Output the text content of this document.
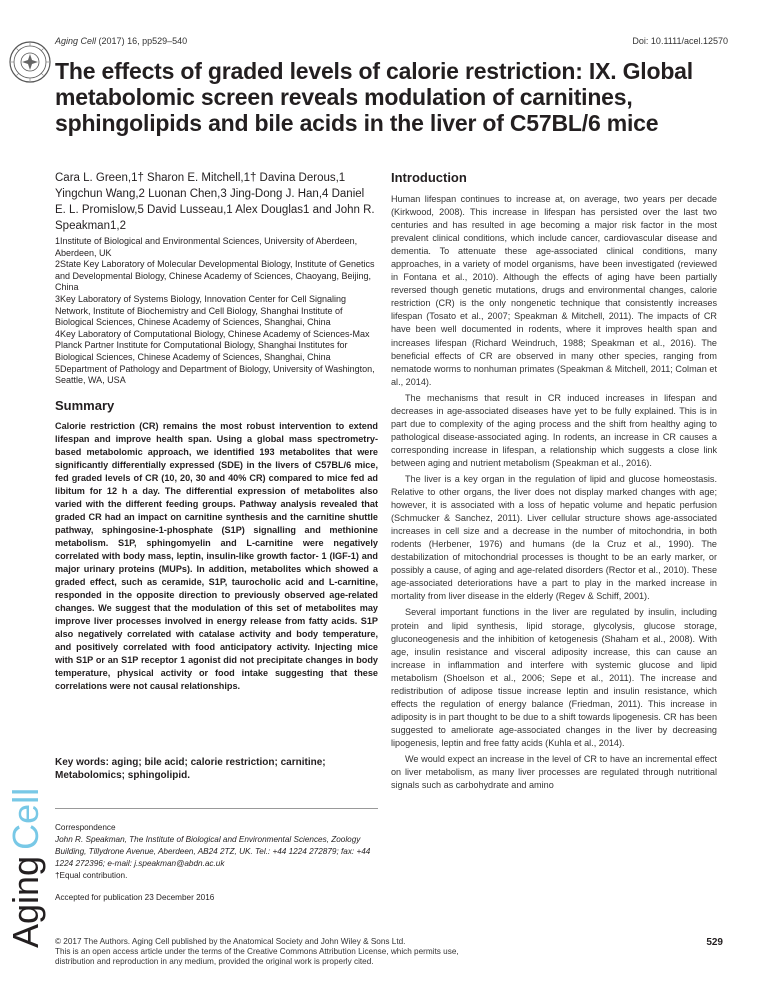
Aging Cell (2017) 16, pp529–540	Doi: 10.1111/acel.12570
AgingCell
The effects of graded levels of calorie restriction: IX. Global metabolomic screen reveals modulation of carnitines, sphingolipids and bile acids in the liver of C57BL/6 mice
Cara L. Green,1† Sharon E. Mitchell,1† Davina Derous,1 Yingchun Wang,2 Luonan Chen,3 Jing-Dong J. Han,4 Daniel E. L. Promislow,5 David Lusseau,1 Alex Douglas1 and John R. Speakman1,2

1Institute of Biological and Environmental Sciences, University of Aberdeen, Aberdeen, UK

2State Key Laboratory of Molecular Developmental Biology, Institute of Genetics and Developmental Biology, Chinese Academy of Sciences, Chaoyang, Beijing, China

3Key Laboratory of Systems Biology, Innovation Center for Cell Signaling Network, Institute of Biochemistry and Cell Biology, Shanghai Institute of Biological Sciences, Chinese Academy of Sciences, Shanghai, China

4Key Laboratory of Computational Biology, Chinese Academy of Sciences-Max Planck Partner Institute for Computational Biology, Shanghai Institutes for Biological Sciences, Chinese Academy of Sciences, Shanghai, China

5Department of Pathology and Department of Biology, University of Washington, Seattle, WA, USA

Summary

Calorie restriction (CR) remains the most robust intervention to extend lifespan and improve health span. Using a global mass spectrometry-based metabolomic approach, we identified 193 metabolites that were significantly differentially expressed (SDE) in the livers of C57BL/6 mice, fed graded levels of CR (10, 20, 30 and 40% CR) compared to mice fed ad libitum for 12 h a day. The differential expression of metabolites also varied with the different feeding groups. Pathway analysis revealed that graded CR had an impact on carnitine synthesis and the carnitine shuttle pathway, sphingosine-1-phosphate (S1P) signalling and methionine metabolism. S1P, sphingomyelin and L-carnitine were negatively correlated with body mass, leptin, insulin-like growth factor- 1 (IGF-1) and major urinary proteins (MUPs). In addition, metabolites which showed a graded effect, such as ceramide, S1P, taurocholic acid and L-carnitine, responded in the opposite direction to previously observed age-related changes. We suggest that the modulation of this set of metabolites may improve liver processes involved in energy release from fatty acids. S1P also negatively correlated with catalase activity and body temperature, and positively correlated with food anticipatory activity. Injecting mice with S1P or an S1P receptor 1 agonist did not precipitate changes in body temperature, physical activity or food intake suggesting that these correlations were not causal relationships.

Key words: aging; bile acid; calorie restriction; carnitine; Metabolomics; sphingolipid.

Correspondence

John R. Speakman, The Institute of Biological and Environmental Sciences, Zoology Building, Tillydrone Avenue, Aberdeen, AB24 2TZ, UK. Tel.: +44 1224 272879; fax: +44 1224 272396; e-mail: j.speakman@abdn.ac.uk

†Equal contribution.

Accepted for publication 23 December 2016
Introduction

Human lifespan continues to increase at, on average, two years per decade (Kirkwood, 2008). This increase in lifespan has persisted over the last two centuries and has resulted in age becoming a major risk factor in the most prevalent clinical conditions, which include cancer, cardiovascular disease and dementia. To attenuate these age-associated clinical conditions, many approaches, in a variety of model organisms, have been investigated (reviewed in Fontana et al., 2010). Although the effects of aging have been partially reversed though genetic mutations, drugs and environmental changes, calorie restriction (CR) is the only nongenetic technique that consistently increases lifespan (Tosato et al., 2007; Speakman & Mitchell, 2011). The impacts of CR have been well documented in rodents, where it improves health span and increases lifespan (Richard Weindruch, 1988; Speakman et al., 2016). The beneficial effects of CR are observed in many other species, ranging from nematode worms to nonhuman primates (Speakman & Mitchell, 2011; Colman et al., 2014).

The mechanisms that result in CR induced increases in lifespan and decreases in age-associated diseases have yet to be fully explained. This is in part due to complexity of the aging process and the shift from healthy aging to pathological disease-associated aging. In rodents, an increase in CR causes a corresponding increase in lifespan, a relationship which suggests a close link between aging and nutrient metabolism (Speakman et al., 2016).

The liver is a key organ in the regulation of lipid and glucose homeostasis. Relative to other organs, the liver does not display marked changes with age; however, it is associated with a loss of hepatic volume and hepatic perfusion (Schmucker & Sanchez, 2011). Liver cellular structure shows age-associated increases in cell size and a decrease in the number of mitochondria, in both rodents (Herbener, 1976) and humans (de la Cruz et al., 1990). The destabilization of mitochondrial processes is thought to be an early marker, or possibly a cause, of aging and age-related disorders (Rector et al., 2010). These age-associated deteriorations have a part to play in the marked increase in mortality from liver disease in the elderly (Regev & Schiff, 2001).

Several important functions in the liver are regulated by insulin, including protein and lipid synthesis, lipid storage, glycolysis, glucose storage, gluconeogenesis and the inhibition of ketogenesis (Shaham et al., 2008). With age, insulin resistance and visceral adiposity increase, this can cause an increase in inflammation and interfere with systemic glucose and lipid metabolism (Shoelson et al., 2006; Sepe et al., 2011). The increase and redistribution of adipose tissue increase leptin and insulin resistance, which effects the regulation of energy balance (Friedman, 2011). This increase in adiposity is in part thought to be due to a shift towards lipogenesis. CR has been suggested to ameliorate age-associated changes in the liver by decreasing lipogenesis, leptin and free fatty acids (Kuhla et al., 2014).

We would expect an increase in the level of CR to have an incremental effect on liver metabolism, as many liver processes are regulated through nutritional signals such as carbohydrate and amino

© 2017 The Authors. Aging Cell published by the Anatomical Society and John Wiley & Sons Ltd.

This is an open access article under the terms of the Creative Commons Attribution License, which permits use,

distribution and reproduction in any medium, provided the original work is properly cited.

529
